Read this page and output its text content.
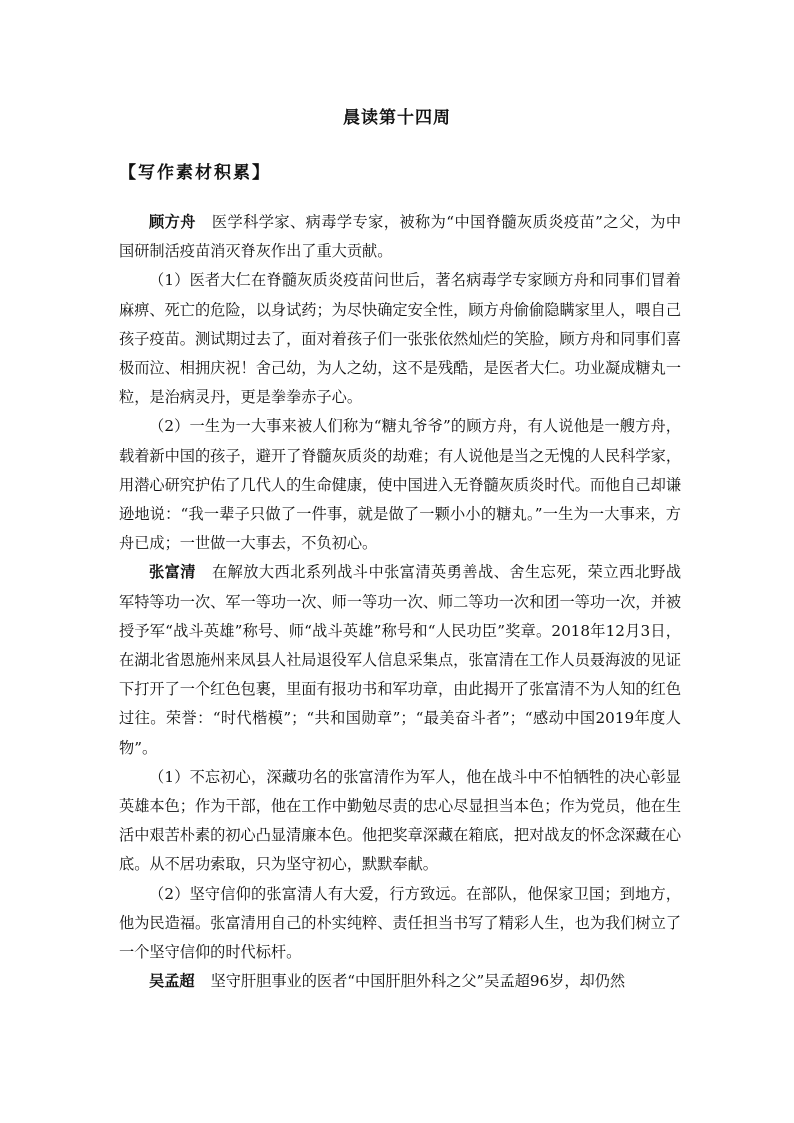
晨读第十四周
【写作素材积累】

顾方舟 医学科学家、病毒学专家，被称为“中国脊髓灰质炎疫苗”之父，为中国研制活疫苗消灭脊灰作出了重大贡献。

（1）医者大仁在脊髓灰质炎疫苗问世后，著名病毒学专家顾方舟和同事们冒着麻痹、死亡的危险，以身试药；为尽快确定安全性，顾方舟偷偷隐瞒家里人，喂自己孩子疫苗。测试期过去了，面对着孩子们一张张依然灿烂的笑脸，顾方舟和同事们喜极而泣、相拥庆祝！舍己幼，为人之幼，这不是残酷，是医者大仁。功业凝成糖丸一粒，是治病灵丹，更是拳拳赤子心。

（2）一生为一大事来被人们称为“糖丸爷爷”的顾方舟，有人说他是一艘方舟，载着新中国的孩子，避开了脊髓灰质炎的劫难；有人说他是当之无愧的人民科学家，用潜心研究护佑了几代人的生命健康，使中国进入无脊髓灰质炎时代。而他自己却谦逊地说：“我一辈子只做了一件事，就是做了一颗小小的糖丸。”一生为一大事来，方舟已成；一世做一大事去，不负初心。

张富清 在解放大西北系列战斗中张富清英勇善战、舍生忘死，荣立西北野战军特等功一次、军一等功一次、师一等功一次、师二等功一次和团一等功一次，并被授予军“战斗英雄”称号、师“战斗英雄”称号和“人民功臣”奖章。2018年12月3日，在湖北省恩施州来凤县人社局退役军人信息采集点，张富清在工作人员聂海波的见证下打开了一个红色包裹，里面有报功书和军功章，由此揭开了张富清不为人知的红色过往。荣誉：“时代楷模”；“共和国勋章”；“最美奋斗者”；“感动中国2019年度人物”。

（1）不忘初心，深藏功名的张富清作为军人，他在战斗中不怕牺牲的决心彰显英雄本色；作为干部，他在工作中勤勉尽责的忠心尽显担当本色；作为党员，他在生活中艰苦朴素的初心凸显清廉本色。他把奖章深藏在箱底，把对战友的怀念深藏在心底。从不居功索取，只为坚守初心，默默奉献。

（2）坚守信仰的张富清人有大爱，行方致远。在部队，他保家卫国；到地方，他为民造福。张富清用自己的朴实纯粹、责任担当书写了精彩人生，也为我们树立了一个坚守信仰的时代标杆。

吴孟超 坚守肝胆事业的医者“中国肝胆外科之父”吴孟超96岁，却仍然
